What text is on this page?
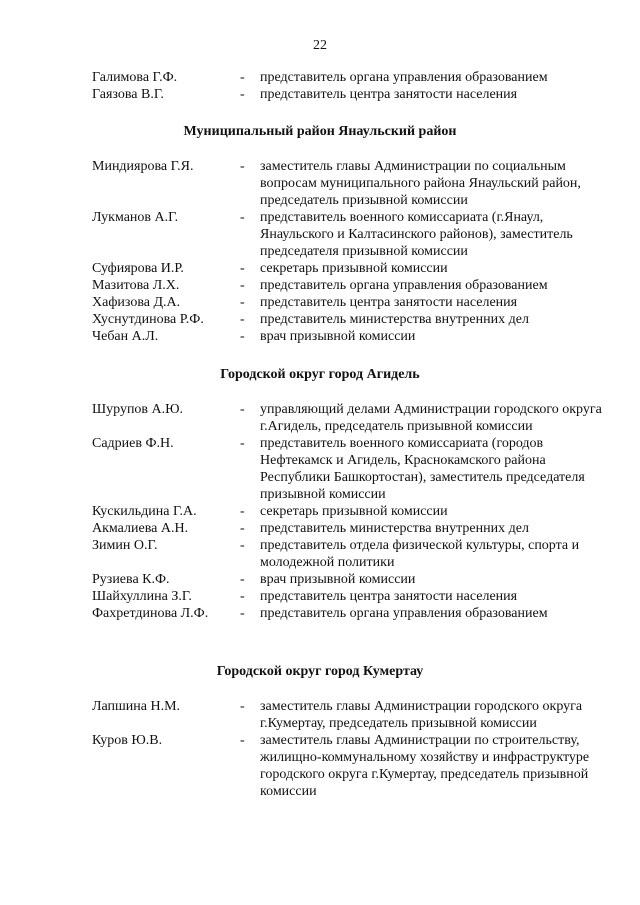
22
Галимова Г.Ф.	-	представитель органа управления образованием
Гаязова В.Г.	-	представитель центра занятости населения
Муниципальный район Янаульский район
Миндиярова Г.Я.	-	заместитель главы Администрации по социальным вопросам муниципального района Янаульский район, председатель призывной комиссии
Лукманов А.Г.	-	представитель военного комиссариата (г.Янаул, Янаульского и Калтасинского районов), заместитель председателя призывной комиссии
Суфиярова И.Р.	-	секретарь призывной комиссии
Мазитова Л.Х.	-	представитель органа управления образованием
Хафизова Д.А.	-	представитель центра занятости населения
Хуснутдинова Р.Ф.	-	представитель министерства внутренних дел
Чебан А.Л.	-	врач призывной комиссии
Городской округ город Агидель
Шурупов А.Ю.	-	управляющий делами Администрации городского округа г.Агидель, председатель призывной комиссии
Садриев Ф.Н.	-	представитель военного комиссариата (городов Нефтекамск и Агидель, Краснокамского района Республики Башкортостан), заместитель председателя призывной комиссии
Кускильдина Г.А.	-	секретарь призывной комиссии
Акмалиева А.Н.	-	представитель министерства внутренних дел
Зимин О.Г.	-	представитель отдела физической культуры, спорта и молодежной политики
Рузиева К.Ф.	-	врач призывной комиссии
Шайхуллина З.Г.	-	представитель центра занятости населения
Фахретдинова Л.Ф.	-	представитель органа управления образованием
Городской округ город Кумертау
Лапшина Н.М.	-	заместитель главы Администрации городского округа г.Кумертау, председатель призывной комиссии
Куров Ю.В.	-	заместитель главы Администрации по строительству, жилищно-коммунальному хозяйству и инфраструктуре городского округа г.Кумертау, председатель призывной комиссии
